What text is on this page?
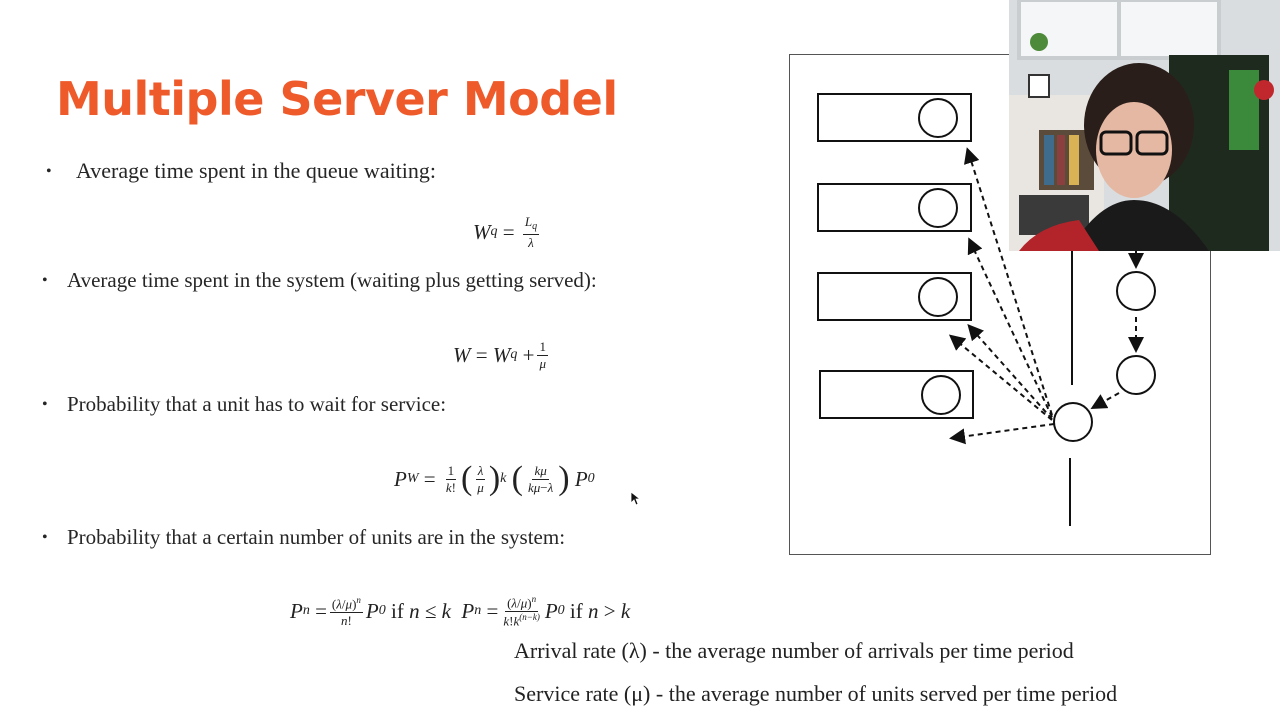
Multiple Server Model
• Average time spent in the queue waiting:
W q
=
$\frac{L_q}{\lambda}$
• Average time spent in the system (waiting plus getting served):
W = W q
+ $\frac{1}{\mu}$
• Probability that a unit has to wait for service:
P W
=
$\frac{1}{k!}$ ( $\frac{\lambda}{\mu}$ ) k
( $\frac{k\mu}{k\mu-\lambda}$ ) P 0
• Probability that a certain number of units are in the system:
P n
= $\frac{(\lambda/\mu)^n}{n!}$ P 0
if n ≤ k  P n
= $\frac{(\lambda/\mu)^n}{k!k^{(n-k)}}$ P 0
if n > k
Arrival rate (λ) - the average number of arrivals per time period
Service rate (μ) - the average number of units served per time period
